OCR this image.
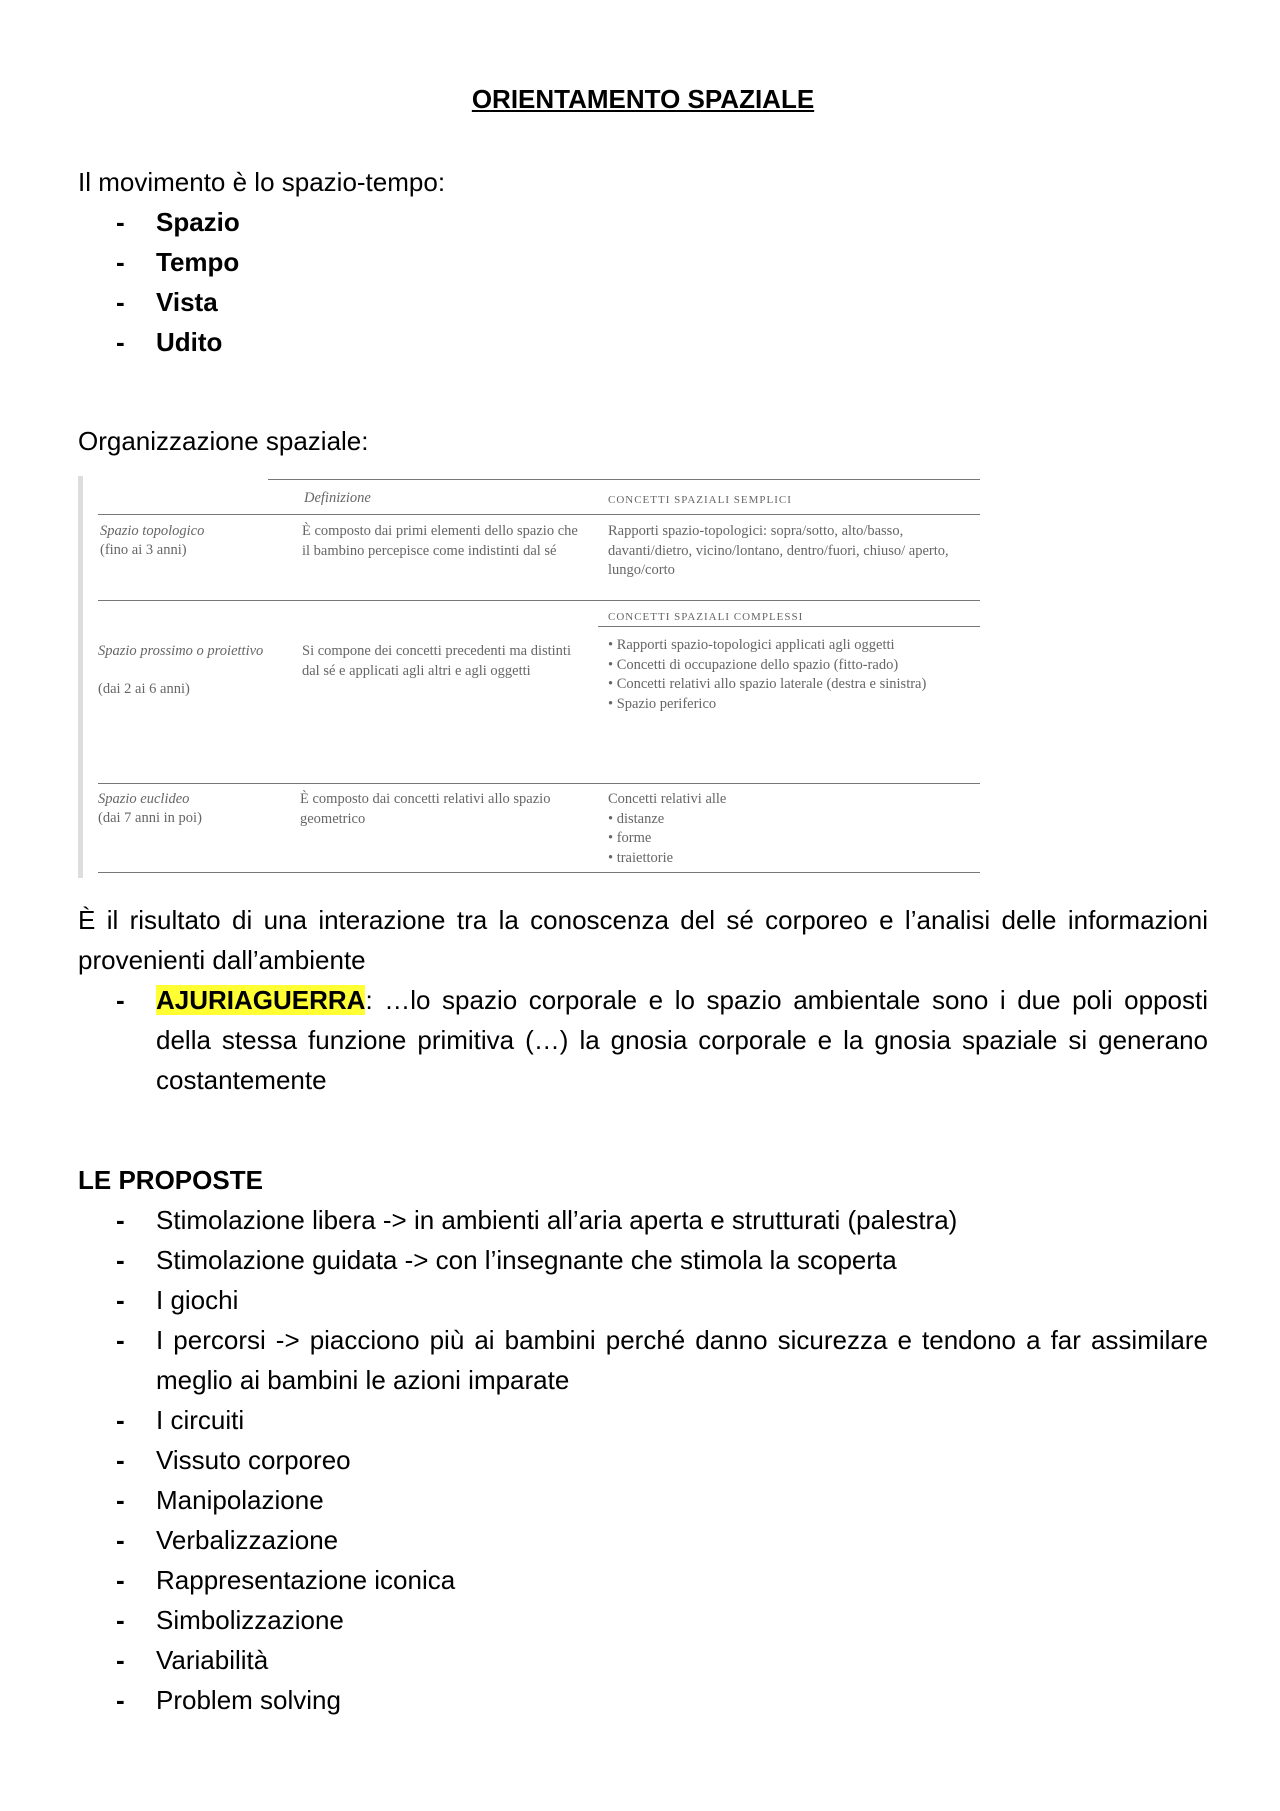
ORIENTAMENTO SPAZIALE

Il movimento è lo spazio-tempo:

- Spazio
- Tempo
- Vista
- Udito

Organizzazione spaziale:

Definizione	CONCETTI SPAZIALI SEMPLICI
Spazio topologico
(fino ai 3 anni)
È composto dai primi elementi dello spazio che il bambino percepisce come indistinti dal sé
Rapporti spazio-topologici: sopra/sotto, alto/basso, davanti/dietro, vicino/lontano, dentro/fuori, chiuso/ aperto, lungo/corto
CONCETTI SPAZIALI COMPLESSI
Spazio prossimo o proiettivo
(dai 2 ai 6 anni)
Si compone dei concetti precedenti ma distinti dal sé e applicati agli altri e agli oggetti
• Rapporti spazio-topologici applicati agli oggetti
• Concetti di occupazione dello spazio (fitto-rado)
• Concetti relativi allo spazio laterale (destra e sinistra)
• Spazio periferico
Spazio euclideo
(dai 7 anni in poi)
È composto dai concetti relativi allo spazio geometrico
Concetti relativi alle
• distanze
• forme
• traiettorie

È il risultato di una interazione tra la conoscenza del sé corporeo e l’analisi delle informazioni provenienti dall’ambiente

- AJURIAGUERRA: …lo spazio corporale e lo spazio ambientale sono i due poli opposti della stessa funzione primitiva (…) la gnosia corporale e la gnosia spaziale si generano costantemente

LE PROPOSTE

- Stimolazione libera -> in ambienti all’aria aperta e strutturati (palestra)
- Stimolazione guidata -> con l’insegnante che stimola la scoperta
- I giochi
- I percorsi -> piacciono più ai bambini perché danno sicurezza e tendono a far assimilare meglio ai bambini le azioni imparate
- I circuiti
- Vissuto corporeo
- Manipolazione
- Verbalizzazione
- Rappresentazione iconica
- Simbolizzazione
- Variabilità
- Problem solving
